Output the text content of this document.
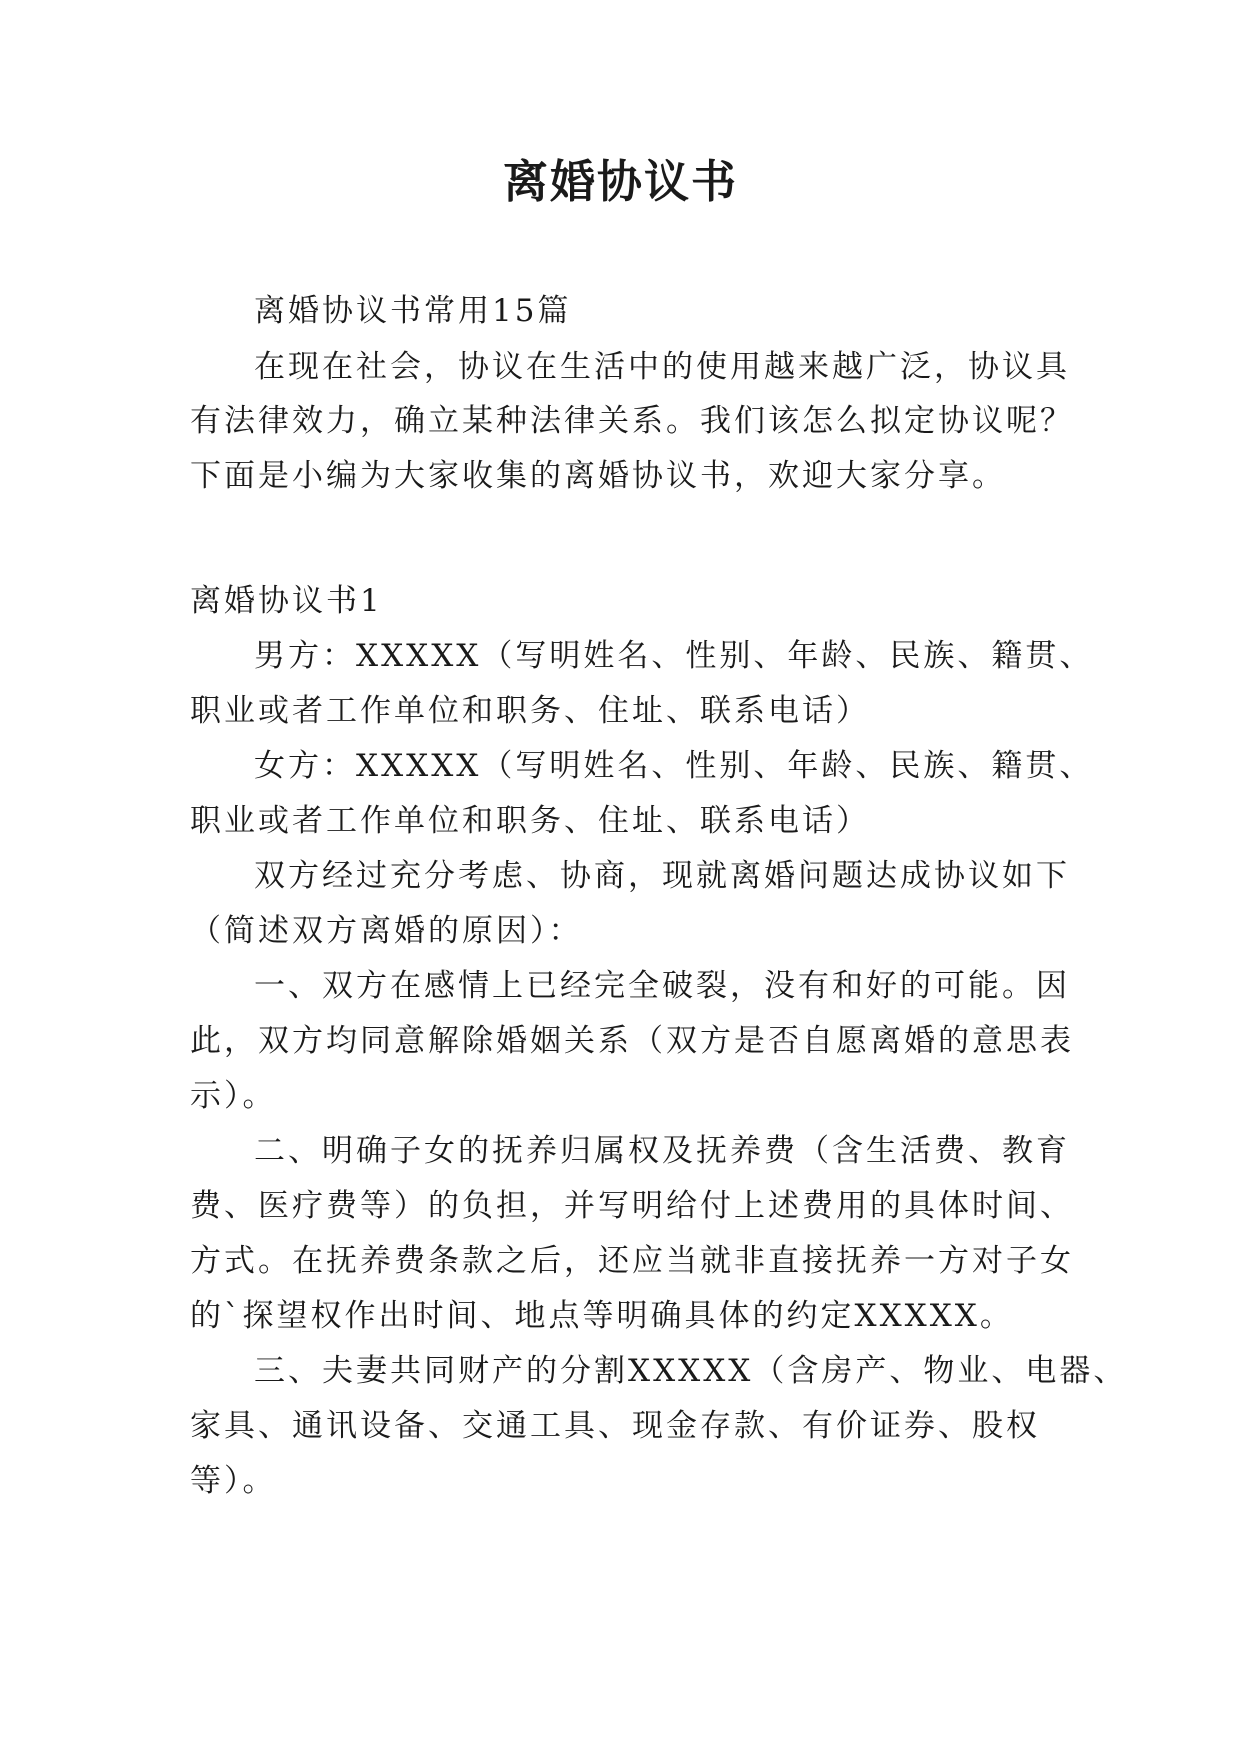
离婚协议书

离婚协议书常用15篇

在现在社会，协议在生活中的使用越来越广泛，协议具

有法律效力，确立某种法律关系。我们该怎么拟定协议呢？

下面是小编为大家收集的离婚协议书，欢迎大家分享。

离婚协议书1

男方：XXXXX（写明姓名、性别、年龄、民族、籍贯、

职业或者工作单位和职务、住址、联系电话）

女方：XXXXX（写明姓名、性别、年龄、民族、籍贯、

职业或者工作单位和职务、住址、联系电话）

双方经过充分考虑、协商，现就离婚问题达成协议如下

（简述双方离婚的原因）：

一、双方在感情上已经完全破裂，没有和好的可能。因

此，双方均同意解除婚姻关系（双方是否自愿离婚的意思表

示）。

二、明确子女的抚养归属权及抚养费（含生活费、教育

费、医疗费等）的负担，并写明给付上述费用的具体时间、

方式。在抚养费条款之后，还应当就非直接抚养一方对子女

的`探望权作出时间、地点等明确具体的约定XXXXX。

三、夫妻共同财产的分割XXXXX（含房产、物业、电器、

家具、通讯设备、交通工具、现金存款、有价证券、股权

等）。
